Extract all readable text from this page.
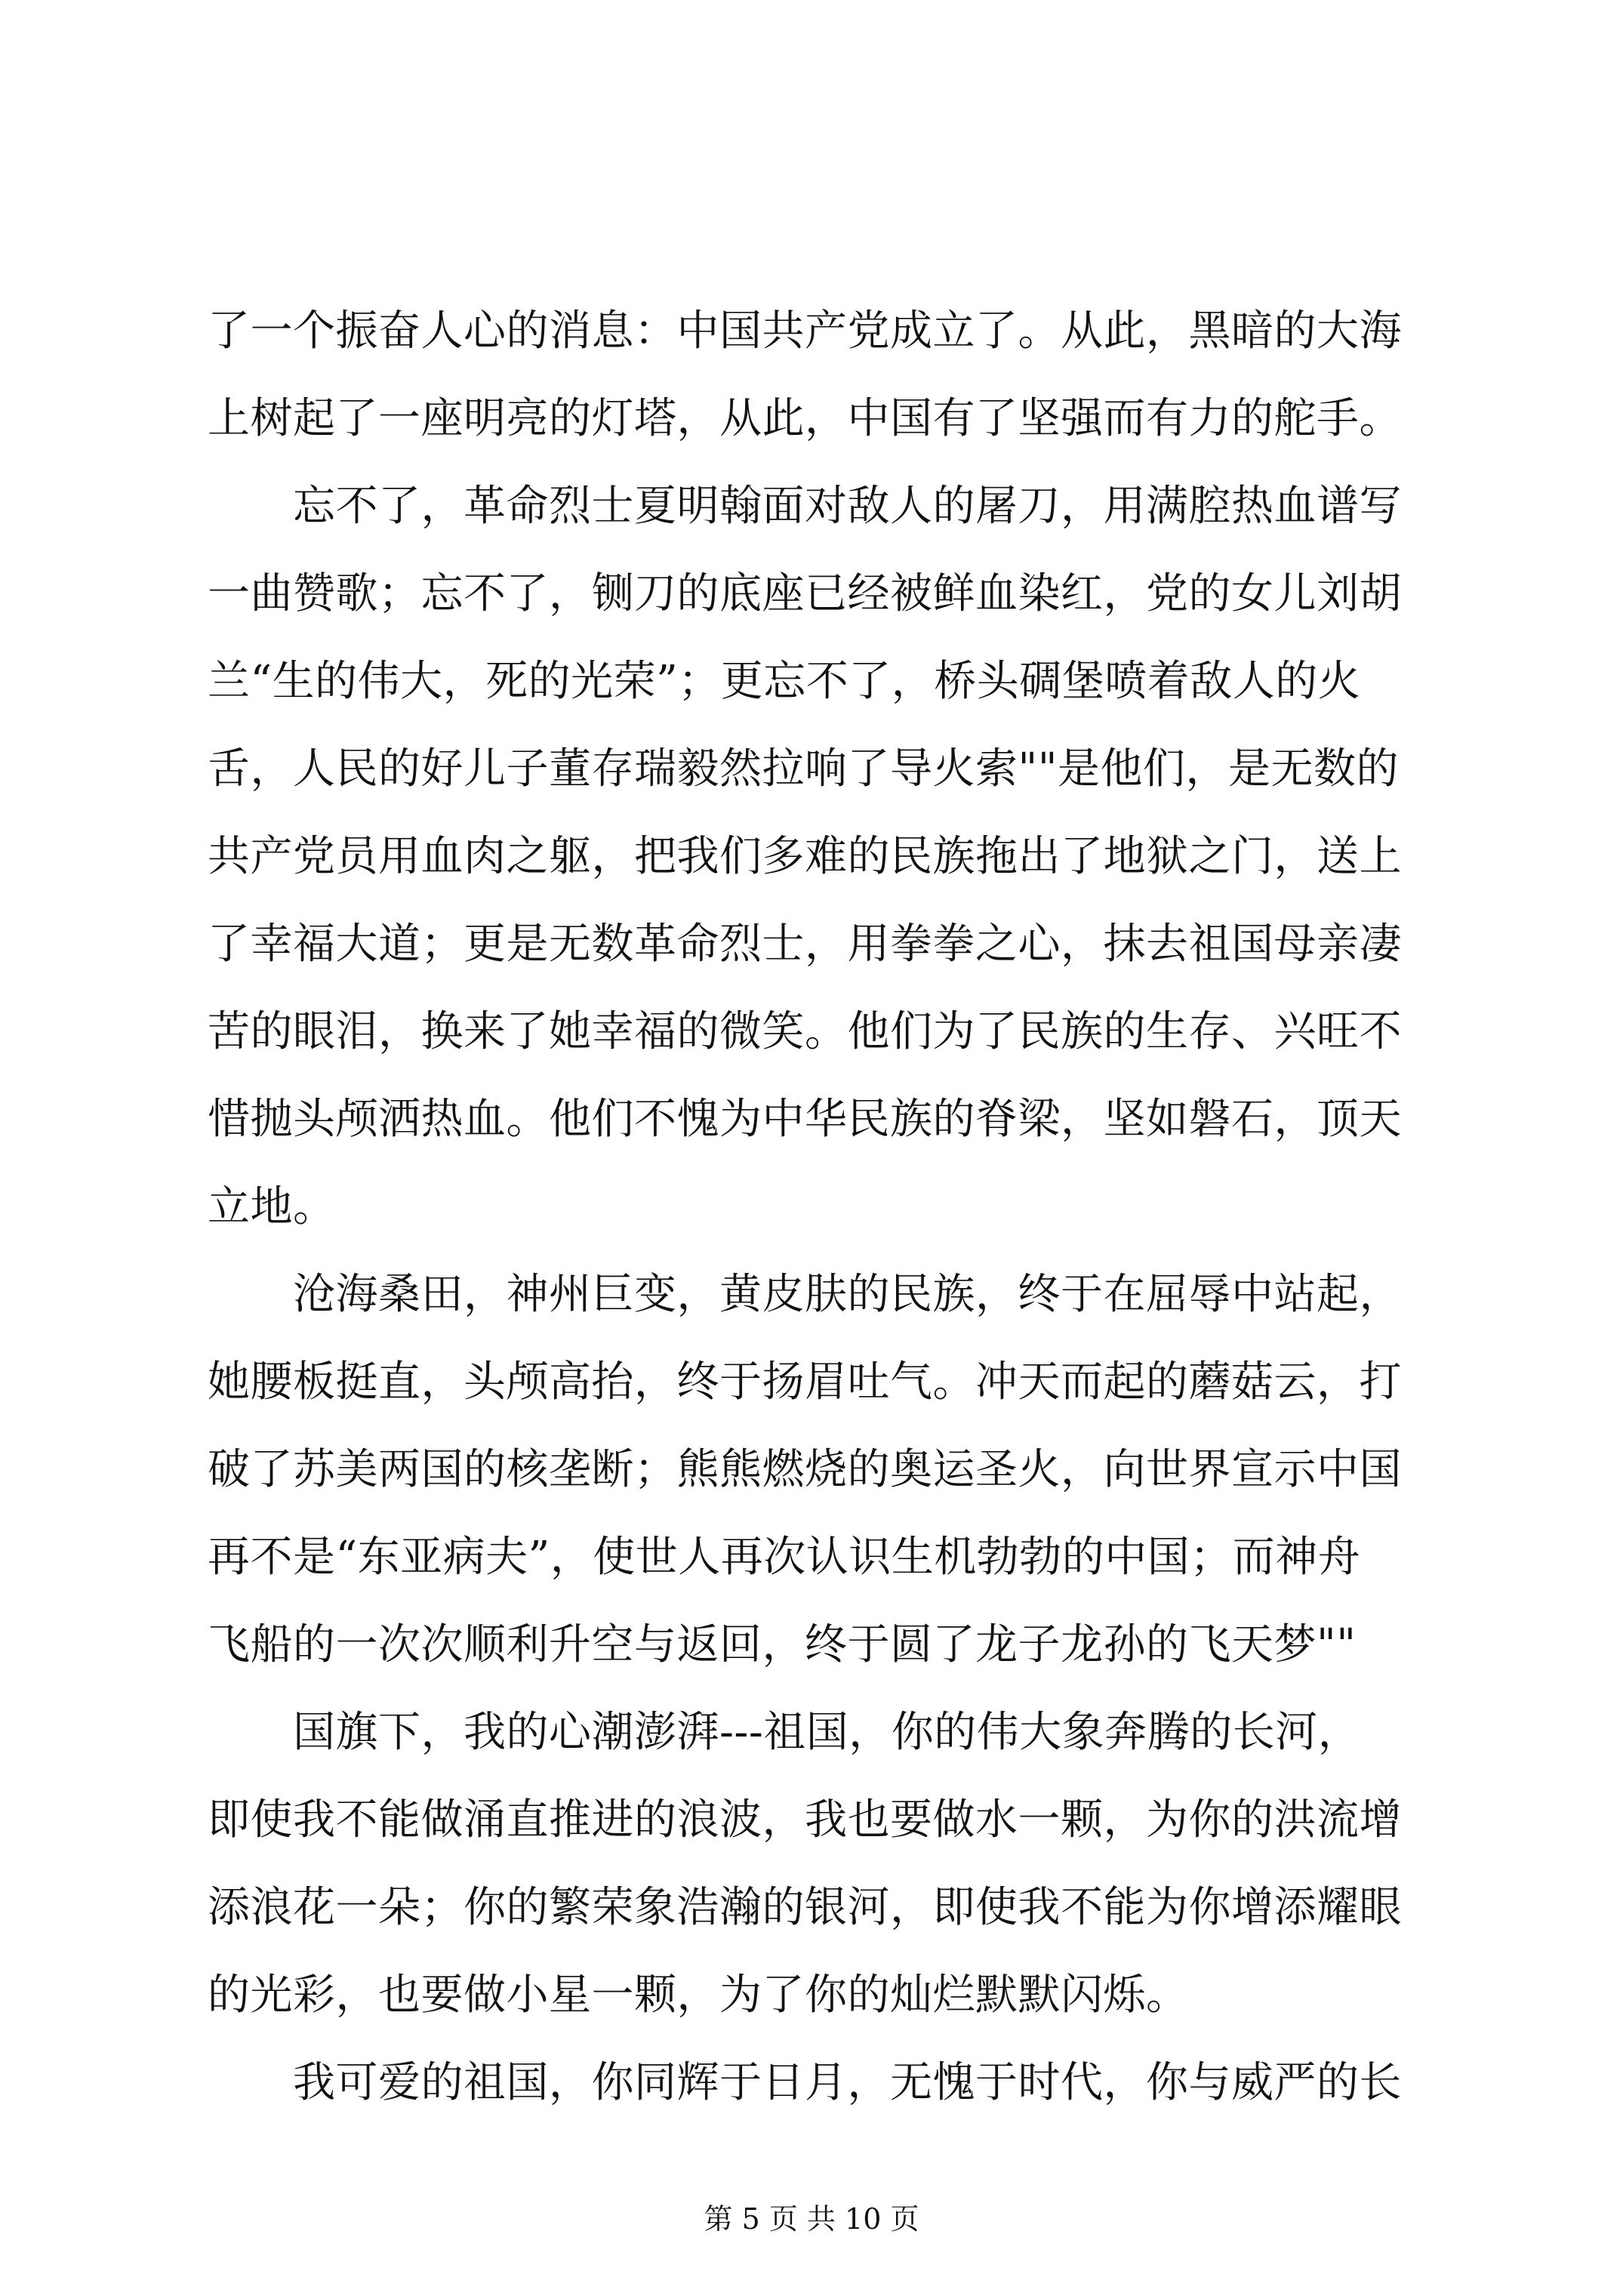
了一个振奋人心的消息：中国共产党成立了。从此，黑暗的大海
上树起了一座明亮的灯塔，从此，中国有了坚强而有力的舵手。
　　忘不了，革命烈士夏明翰面对敌人的屠刀，用满腔热血谱写
一曲赞歌；忘不了，铡刀的底座已经被鲜血染红，党的女儿刘胡
兰“生的伟大，死的光荣”；更忘不了，桥头碉堡喷着敌人的火
舌，人民的好儿子董存瑞毅然拉响了导火索""是他们，是无数的
共产党员用血肉之躯，把我们多难的民族拖出了地狱之门，送上
了幸福大道；更是无数革命烈士，用拳拳之心，抹去祖国母亲凄
苦的眼泪，换来了她幸福的微笑。他们为了民族的生存、兴旺不
惜抛头颅洒热血。他们不愧为中华民族的脊梁，坚如磐石，顶天
立地。
　　沧海桑田，神州巨变，黄皮肤的民族，终于在屈辱中站起，
她腰板挺直，头颅高抬，终于扬眉吐气。冲天而起的蘑菇云，打
破了苏美两国的核垄断；熊熊燃烧的奥运圣火，向世界宣示中国
再不是“东亚病夫”，使世人再次认识生机勃勃的中国；而神舟
飞船的一次次顺利升空与返回，终于圆了龙子龙孙的飞天梦""
　　国旗下，我的心潮澎湃---祖国，你的伟大象奔腾的长河，
即使我不能做涌直推进的浪波，我也要做水一颗，为你的洪流增
添浪花一朵；你的繁荣象浩瀚的银河，即使我不能为你增添耀眼
的光彩，也要做小星一颗，为了你的灿烂默默闪烁。
　　我可爱的祖国，你同辉于日月，无愧于时代，你与威严的长
第 5 页 共 10 页
